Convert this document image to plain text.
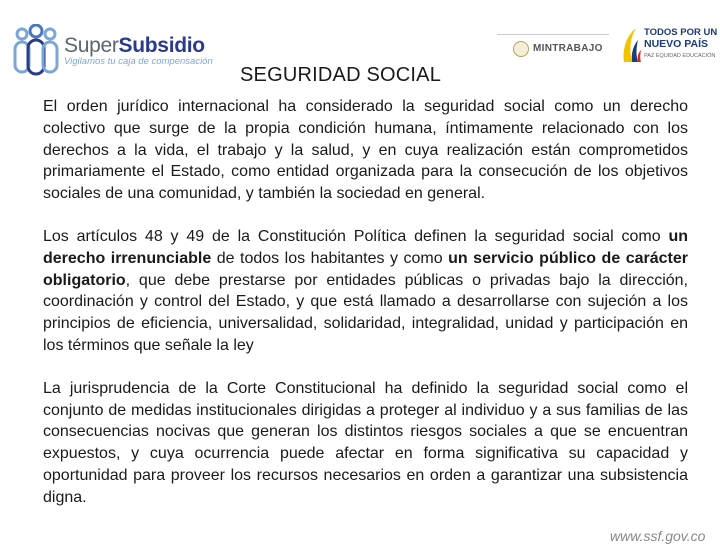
SuperSubsidio
Vigilamos tu caja de compensación
SEGURIDAD SOCIAL
MINTRABAJO
TODOS POR UN
NUEVO PAÍS
PAZ EQUIDAD EDUCACIÓN

El orden jurídico internacional ha considerado la seguridad social como un derecho colectivo que surge de la propia condición humana, íntimamente relacionado con los derechos a la vida, el trabajo y la salud, y en cuya realización están comprometidos primariamente el Estado, como entidad organizada para la consecución de los objetivos sociales de una comunidad, y también la sociedad en general.

Los artículos 48 y 49 de la Constitución Política definen la seguridad social como un derecho irrenunciable de todos los habitantes y como un servicio público de carácter obligatorio, que debe prestarse por entidades públicas o privadas bajo la dirección, coordinación y control del Estado, y que está llamado a desarrollarse con sujeción a los principios de eficiencia, universalidad, solidaridad, integralidad, unidad y participación en los términos que señale la ley

La jurisprudencia de la Corte Constitucional ha definido la seguridad social como el conjunto de medidas institucionales dirigidas a proteger al individuo y a sus familias de las consecuencias nocivas que generan los distintos riesgos sociales a que se encuentran expuestos, y cuya ocurrencia puede afectar en forma significativa su capacidad y oportunidad para proveer los recursos necesarios en orden a garantizar una subsistencia digna.

www.ssf.gov.co
